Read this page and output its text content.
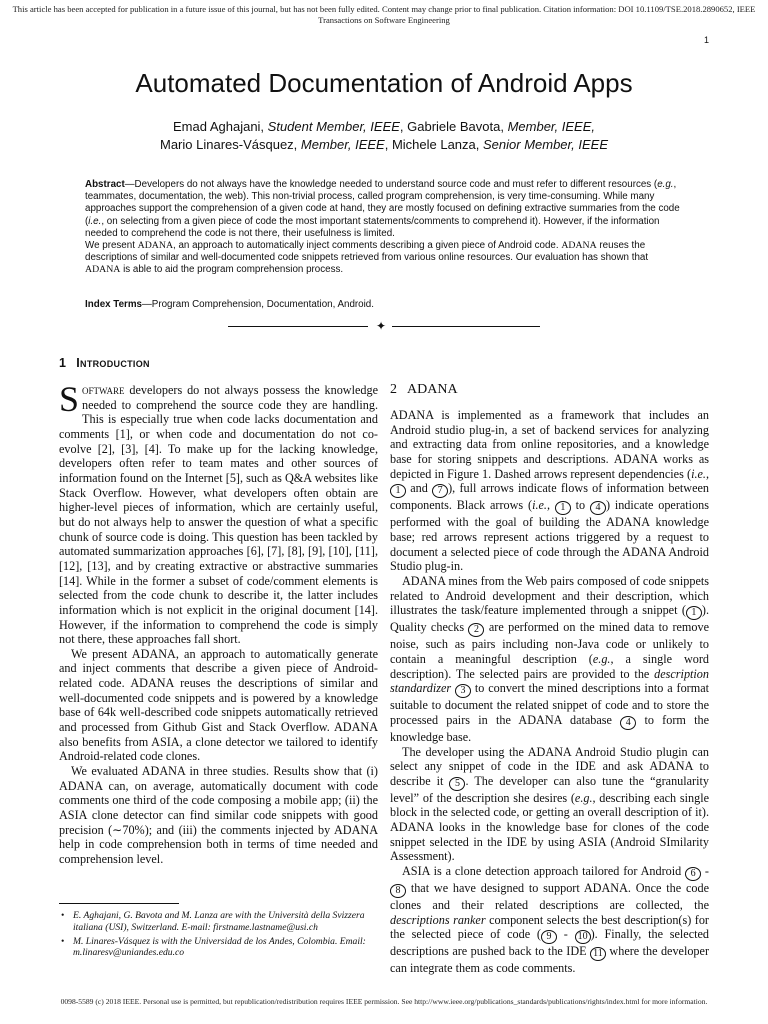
This article has been accepted for publication in a future issue of this journal, but has not been fully edited. Content may change prior to final publication. Citation information: DOI 10.1109/TSE.2018.2890652, IEEE
Transactions on Software Engineering
1
Automated Documentation of Android Apps
Emad Aghajani, Student Member, IEEE, Gabriele Bavota, Member, IEEE,
Mario Linares-Vásquez, Member, IEEE, Michele Lanza, Senior Member, IEEE

Abstract—Developers do not always have the knowledge needed to understand source code and must refer to different resources (e.g., teammates, documentation, the web). This non-trivial process, called program comprehension, is very time-consuming. While many approaches support the comprehension of a given code at hand, they are mostly focused on defining extractive summaries from the code (i.e., on selecting from a given piece of code the most important statements/comments to comprehend it). However, if the information needed to comprehend the code is not there, their usefulness is limited.

We present ADANA, an approach to automatically inject comments describing a given piece of Android code. ADANA reuses the descriptions of similar and well-documented code snippets retrieved from various online resources. Our evaluation has shown that ADANA is able to aid the program comprehension process.

Index Terms—Program Comprehension, Documentation, Android.
✦
1 Introduction

Software developers do not always possess the knowledge needed to comprehend the source code they are handling. This is especially true when code lacks documentation and comments [1], or when code and documentation do not co-evolve [2], [3], [4]. To make up for the lacking knowledge, developers often refer to team mates and other sources of information found on the Internet [5], such as Q&A websites like Stack Overflow. However, what developers often obtain are higher-level pieces of information, which are certainly useful, but do not always help to answer the question of what a specific chunk of source code is doing. This question has been tackled by automated summarization approaches [6], [7], [8], [9], [10], [11], [12], [13], and by creating extractive or abstractive summaries [14]. While in the former a subset of code/comment elements is selected from the code chunk to describe it, the latter includes information which is not explicit in the original document [14]. However, if the information to comprehend the code is simply not there, these approaches fall short.

We present ADANA, an approach to automatically generate and inject comments that describe a given piece of Android-related code. ADANA reuses the descriptions of similar and well-documented code snippets and is powered by a knowledge base of 64k well-described code snippets automatically retrieved and processed from Github Gist and Stack Overflow. ADANA also benefits from ASIA, a clone detector we tailored to identify Android-related code clones.

We evaluated ADANA in three studies. Results show that (i) ADANA can, on average, automatically document with code comments one third of the code composing a mobile app; (ii) the ASIA clone detector can find similar code snippets with good precision (∼70%); and (iii) the comments injected by ADANA help in code comprehension both in terms of time needed and comprehension level.

• E. Aghajani, G. Bavota and M. Lanza are with the Università della Svizzera italiana (USI), Switzerland. E-mail: firstname.lastname@usi.ch
• M. Linares-Vásquez is with the Universidad de los Andes, Colombia. Email: m.linaresv@uniandes.edu.co
2 ADANA

ADANA is implemented as a framework that includes an Android studio plug-in, a set of backend services for analyzing and extracting data from online repositories, and a knowledge base for storing snippets and descriptions. ADANA works as depicted in Figure 1. Dashed arrows represent dependencies (i.e., 1 and 7 ), full arrows indicate flows of information between components. Black arrows (i.e., 1 to 4 ) indicate operations performed with the goal of building the ADANA knowledge base; red arrows represent actions triggered by a request to document a selected piece of code through the ADANA Android Studio plug-in.

ADANA mines from the Web pairs composed of code snippets related to Android development and their description, which illustrates the task/feature implemented through a snippet ( 1 ). Quality checks 2 are performed on the mined data to remove noise, such as pairs including non-Java code or unlikely to contain a meaningful description (e.g., a single word description). The selected pairs are provided to the description standardizer 3 to convert the mined descriptions into a format suitable to document the related snippet of code and to store the processed pairs in the ADANA database 4 to form the knowledge base.

The developer using the ADANA Android Studio plugin can select any snippet of code in the IDE and ask ADANA to describe it 5 . The developer can also tune the “granularity level” of the description she desires (e.g., describing each single block in the selected code, or getting an overall description of it). ADANA looks in the knowledge base for clones of the code snippet selected in the IDE by using ASIA (Android SImilarity Assessment).

ASIA is a clone detection approach tailored for Android 6 - 8 that we have designed to support ADANA. Once the code clones and their related descriptions are collected, the descriptions ranker component selects the best description(s) for the selected piece of code ( 9 - 10 ). Finally, the selected descriptions are pushed back to the IDE 11 where the developer can integrate them as code comments.

0098-5589 (c) 2018 IEEE. Personal use is permitted, but republication/redistribution requires IEEE permission. See http://www.ieee.org/publications_standards/publications/rights/index.html for more information.
